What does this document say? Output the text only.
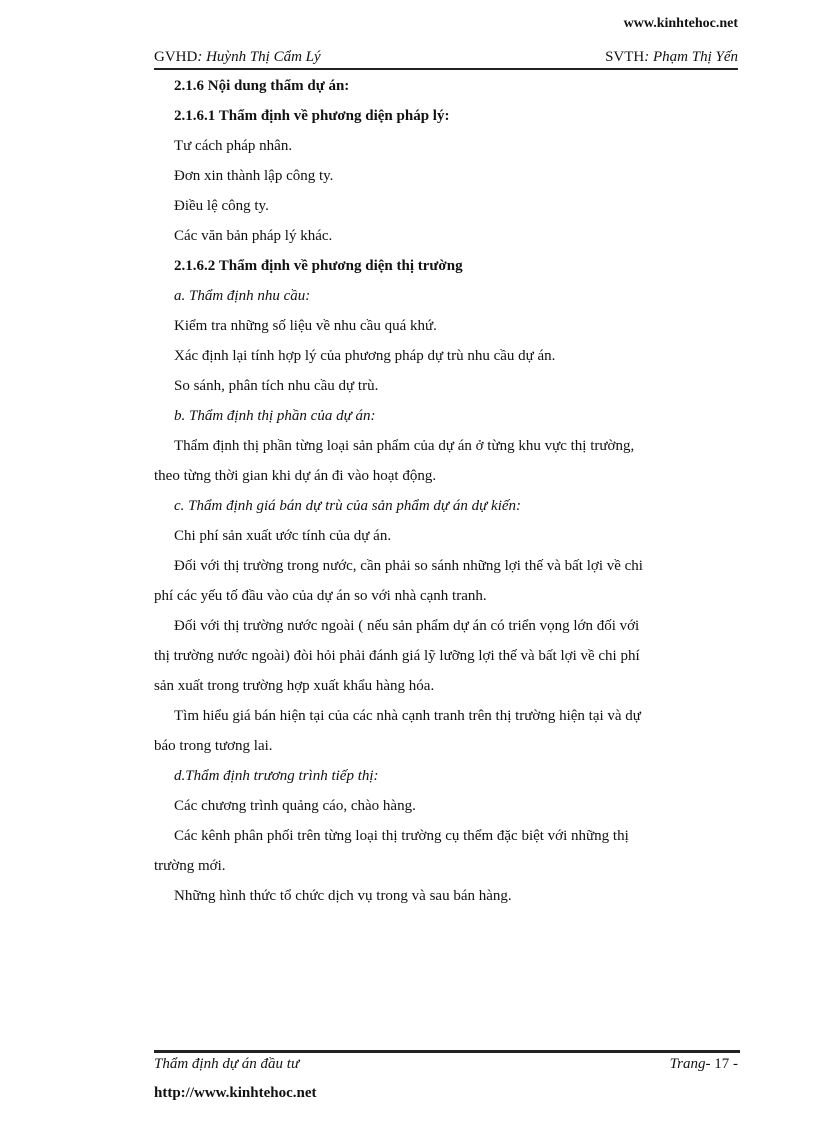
www.kinhtehoc.net
GVHD: Huỳnh Thị Cẩm Lý	SVTH: Phạm Thị Yến
2.1.6 Nội dung thẩm dự án:
2.1.6.1 Thẩm định về phương diện pháp lý:
Tư cách pháp nhân.
Đơn xin thành lập công ty.
Điều lệ công ty.
Các văn bản pháp lý khác.
2.1.6.2 Thẩm định về phương diện thị trường
a. Thẩm định nhu cầu:
Kiểm tra những số liệu về nhu cầu quá khứ.
Xác định lại tính hợp lý của phương pháp dự trù nhu cầu dự án.
So sánh, phân tích nhu cầu dự trù.
b. Thẩm định thị phần của dự án:
Thẩm định thị phần từng loại sản phẩm của dự án ở từng khu vực thị trường,
theo từng thời gian khi dự án đi vào hoạt động.
c. Thẩm định giá bán dự trù của sản phẩm dự án dự kiến:
Chi phí sản xuất ước tính của dự án.
Đối với thị trường trong nước, cần phải so sánh những lợi thế và bất lợi về chi
phí các yếu tố đầu vào của dự án so với nhà cạnh tranh.
Đối với thị trường nước ngoài ( nếu sản phẩm dự án có triển vọng lớn đối với
thị trường nước ngoài) đòi hỏi phải đánh giá lỹ lưỡng lợi thế và bất lợi về chi phí
sản xuất trong trường hợp xuất khẩu hàng hóa.
Tìm hiểu giá bán hiện tại của các nhà cạnh tranh trên thị trường hiện tại và dự
báo trong tương lai.
d.Thẩm định trương trình tiếp thị:
Các chương trình quảng cáo, chào hàng.
Các kênh phân phối trên từng loại thị trường cụ thểm đặc biệt với những thị
trường mới.
Những hình thức tổ chức dịch vụ trong và sau bán hàng.
Thẩm định dự án đầu tư	Trang- 17 -
http://www.kinhtehoc.net
